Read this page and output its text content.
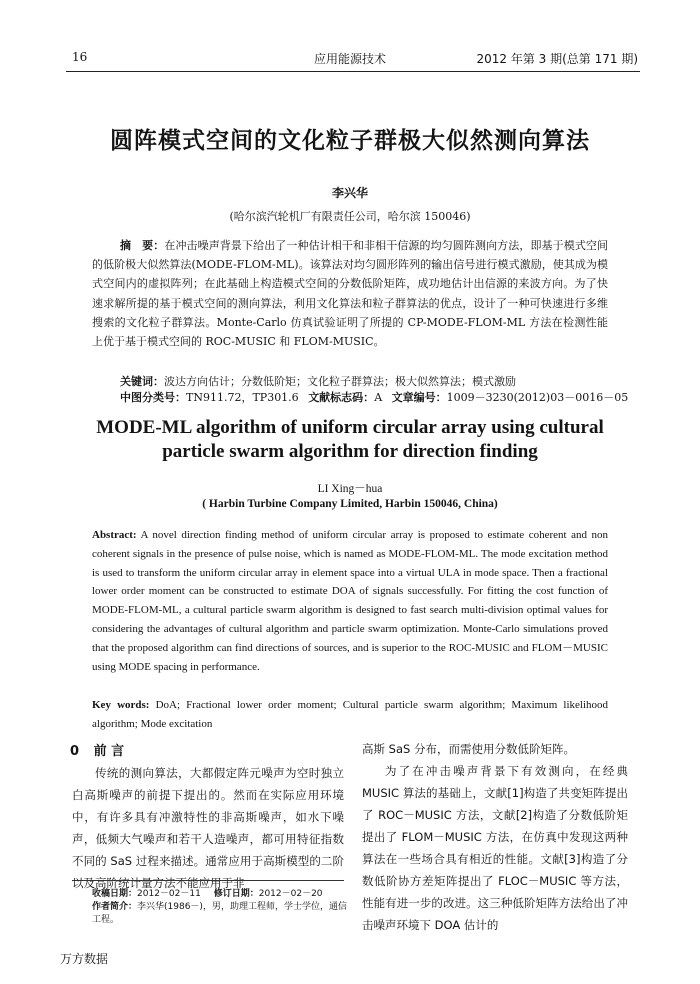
16	应用能源技术	2012 年第 3 期(总第 171 期)
圆阵模式空间的文化粒子群极大似然测向算法
李兴华
(哈尔滨汽轮机厂有限责任公司，哈尔滨 150046)
摘　要：在冲击噪声背景下给出了一种估计相干和非相干信源的均匀圆阵测向方法，即基于模式空间的低阶极大似然算法(MODE-FLOM-ML)。该算法对均匀圆形阵列的输出信号进行模式激励，使其成为模式空间内的虚拟阵列；在此基础上构造模式空间的分数低阶矩阵，成功地估计出信源的来波方向。为了快速求解所提的基于模式空间的测向算法，利用文化算法和粒子群算法的优点，设计了一种可快速进行多维搜索的文化粒子群算法。Monte-Carlo 仿真试验证明了所提的 CP-MODE-FLOM-ML 方法在检测性能上优于基于模式空间的 ROC-MUSIC 和 FLOM-MUSIC。
关键词：波达方向估计；分数低阶矩；文化粒子群算法；极大似然算法；模式激励
中图分类号：TN911.72，TP301.6 文献标志码：A 文章编号：1009－3230(2012)03－0016－05
MODE-ML algorithm of uniform circular array using cultural particle swarm algorithm for direction finding
LI Xing－hua
( Harbin Turbine Company Limited, Harbin 150046, China)
Abstract: A novel direction finding method of uniform circular array is proposed to estimate coherent and non coherent signals in the presence of pulse noise, which is named as MODE-FLOM-ML. The mode excitation method is used to transform the uniform circular array in element space into a virtual ULA in mode space. Then a fractional lower order moment can be constructed to estimate DOA of signals successfully. For fitting the cost function of MODE-FLOM-ML, a cultural particle swarm algorithm is designed to fast search multi-division optimal values for considering the advantages of cultural algorithm and particle swarm optimization. Monte-Carlo simulations proved that the proposed algorithm can find directions of sources, and is superior to the ROC-MUSIC and FLOM－MUSIC using MODE spacing in performance.
Key words: DoA; Fractional lower order moment; Cultural particle swarm algorithm; Maximum likelihood algorithm; Mode excitation
0 前 言
传统的测向算法，大都假定阵元噪声为空时独立白高斯噪声的前提下提出的。然而在实际应用环境中，有许多具有冲激特性的非高斯噪声，如水下噪声，低频大气噪声和若干人造噪声，都可用特征指数不同的 SaS 过程来描述。通常应用于高斯模型的二阶以及高阶统计量方法不能应用于非
收稿日期：2012－02－11 修订日期：2012－02－20
作者简介：李兴华(1986－)，男，助理工程师，学士学位，通信工程。
高斯 SaS 分布，而需使用分数低阶矩阵。
为了在冲击噪声背景下有效测向，在经典 MUSIC 算法的基础上，文献[1]构造了共变矩阵提出了 ROC－MUSIC 方法，文献[2]构造了分数低阶矩提出了 FLOM－MUSIC 方法，在仿真中发现这两种算法在一些场合具有相近的性能。文献[3]构造了分数低阶协方差矩阵提出了 FLOC－MUSIC 等方法，性能有进一步的改进。这三种低阶矩阵方法给出了冲击噪声环境下 DOA 估计的
万方数据
